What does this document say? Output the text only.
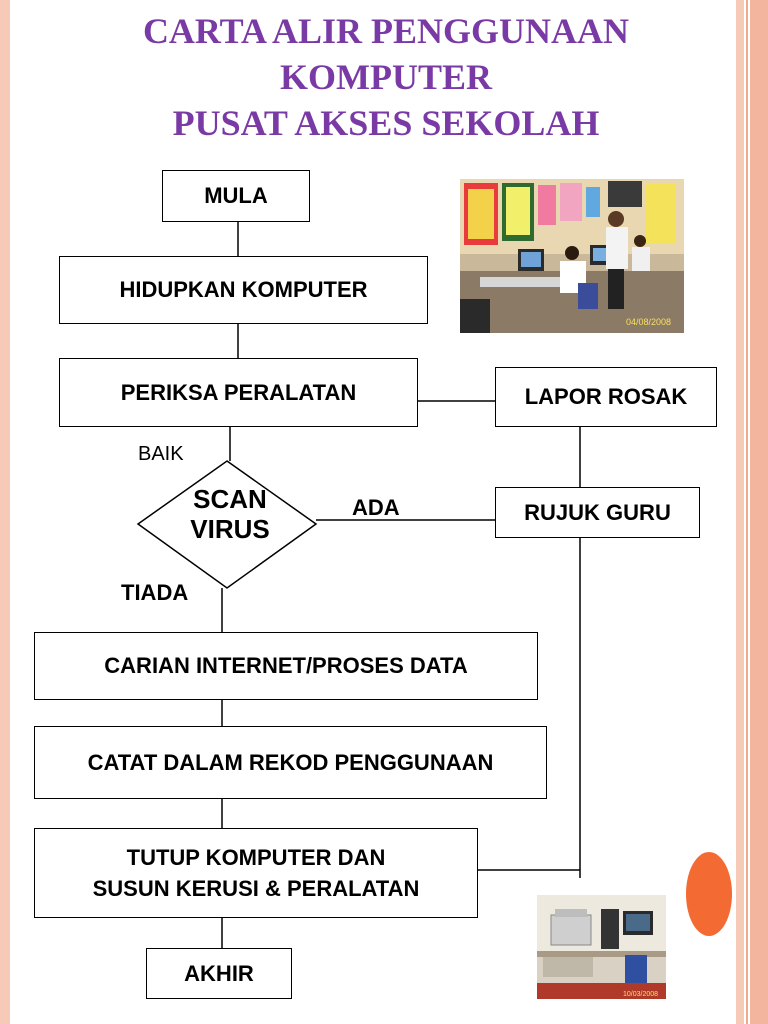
CARTA ALIR PENGGUNAAN
KOMPUTER
PUSAT AKSES SEKOLAH
MULA
HIDUPKAN KOMPUTER
PERIKSA PERALATAN	LAPOR ROSAK
BAIK
SCAN
VIRUS
ADA	RUJUK GURU
TIADA
CARIAN INTERNET/PROSES DATA
CATAT DALAM REKOD PENGGUNAAN
TUTUP KOMPUTER DAN
SUSUN KERUSI & PERALATAN
AKHIR
04/08/2008
10/03/2008
